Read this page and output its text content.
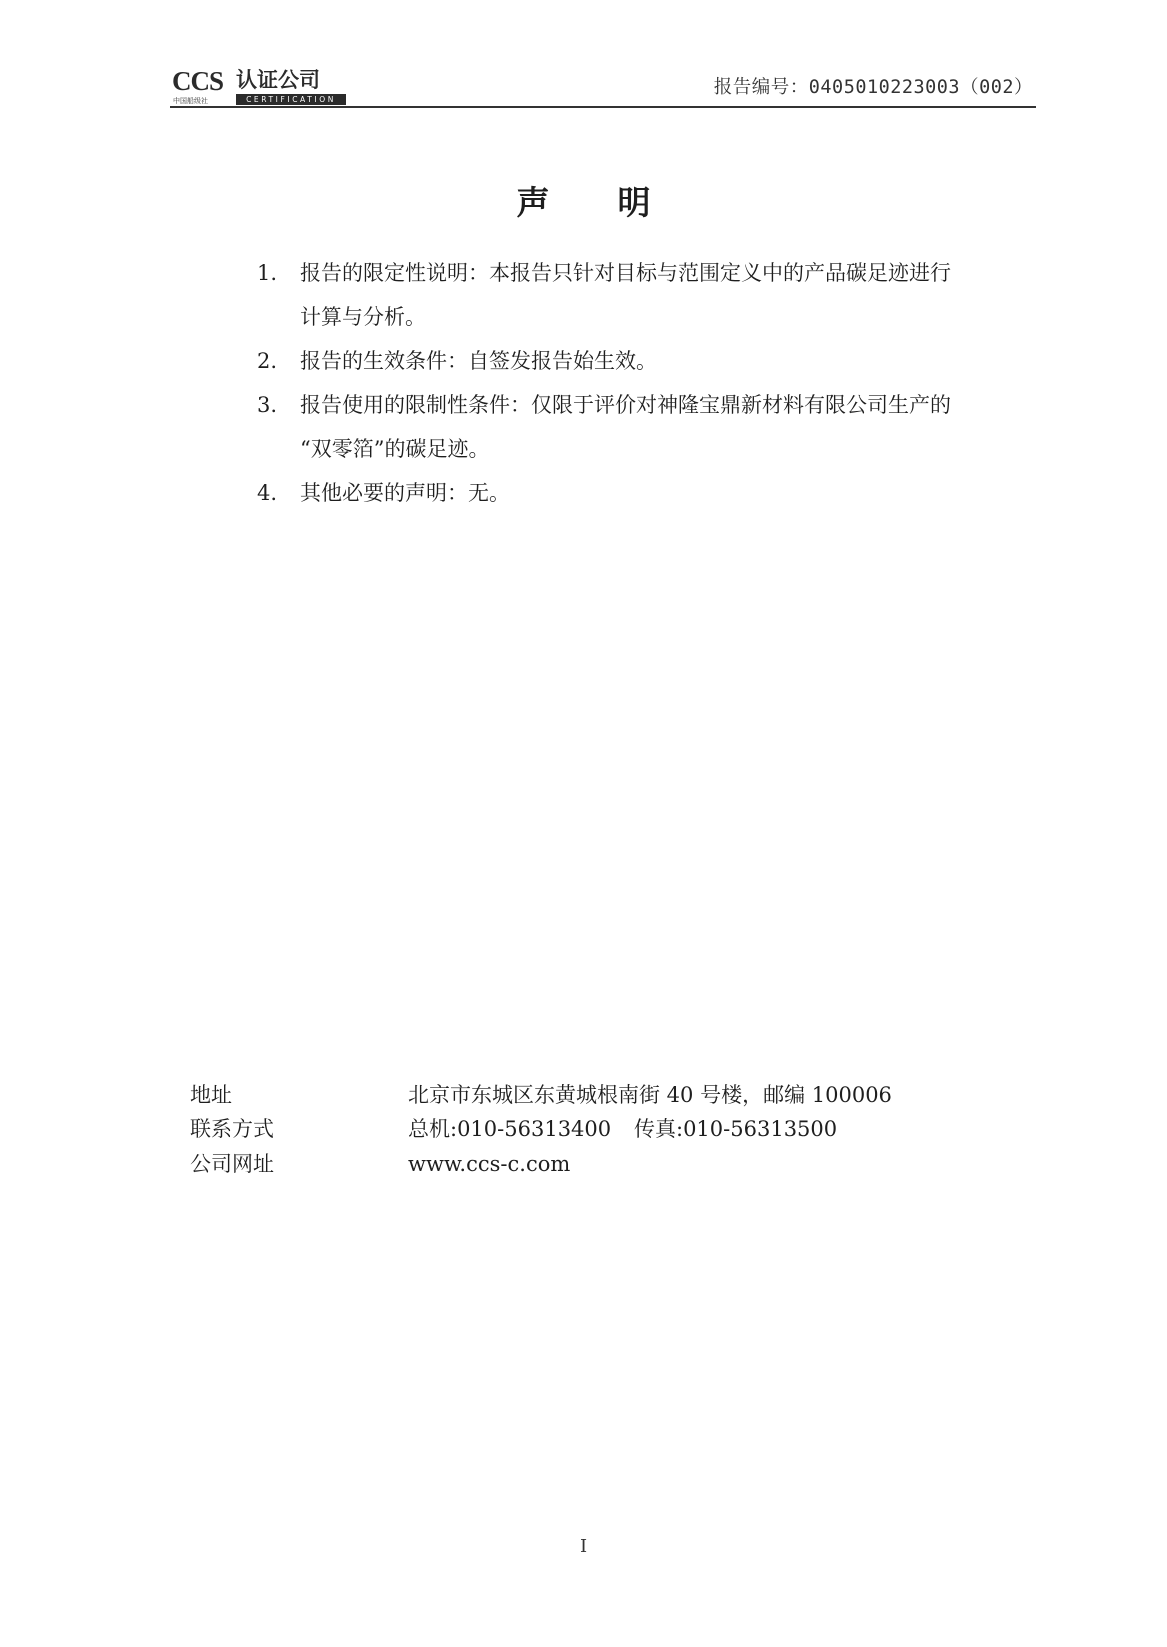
CCS 认证公司
中国船级社	CERTIFICATION
报告编号：0405010223003（002）
声明
1.	报告的限定性说明：本报告只针对目标与范围定义中的产品碳足迹进行
计算与分析。
2.	报告的生效条件：自签发报告始生效。
3.	报告使用的限制性条件：仅限于评价对神隆宝鼎新材料有限公司生产的
“双零箔”的碳足迹。
4.	其他必要的声明：无。
地址	北京市东城区东黄城根南街 40 号楼，邮编 100006
联系方式	总机:010-56313400 传真:010-56313500
公司网址	www.ccs-c.com
I
